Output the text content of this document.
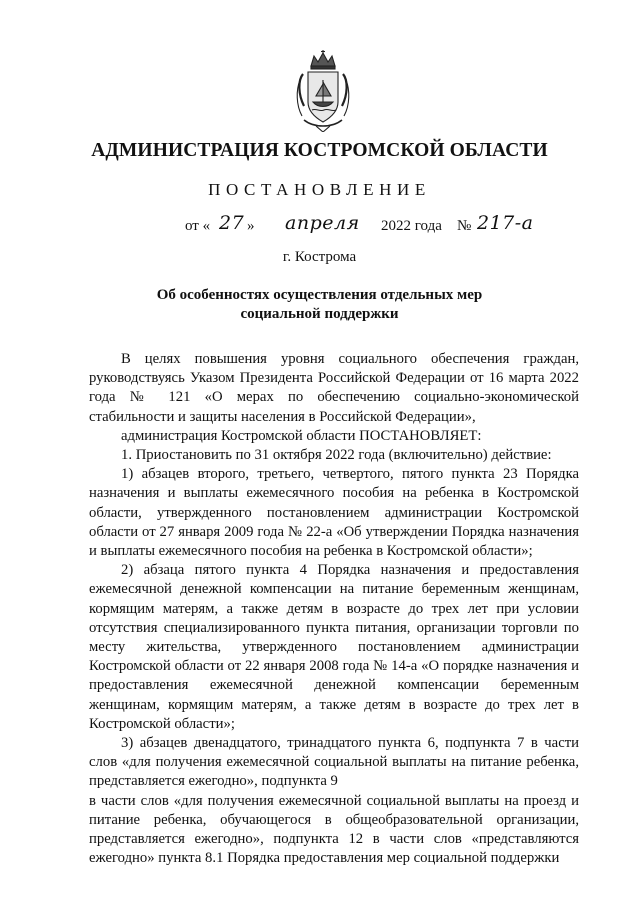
АДМИНИСТРАЦИЯ КОСТРОМСКОЙ ОБЛАСТИ
ПОСТАНОВЛЕНИЕ
от « 27 » апреля 2022 года № 217-а
г. Кострома
Об особенностях осуществления отдельных мер
социальной поддержки

В целях повышения уровня социального обеспечения граждан, руководствуясь Указом Президента Российской Федерации от 16 марта 2022 года № 121 «О мерах по обеспечению социально-экономической стабильности и защиты населения в Российской Федерации»,

администрация Костромской области ПОСТАНОВЛЯЕТ:

1. Приостановить по 31 октября 2022 года (включительно) действие:

1) абзацев второго, третьего, четвертого, пятого пункта 23 Порядка назначения и выплаты ежемесячного пособия на ребенка в Костромской области, утвержденного постановлением администрации Костромской области от 27 января 2009 года № 22-а «Об утверждении Порядка назначения и выплаты ежемесячного пособия на ребенка в Костромской области»;

2) абзаца пятого пункта 4 Порядка назначения и предоставления ежемесячной денежной компенсации на питание беременным женщинам, кормящим матерям, а также детям в возрасте до трех лет при условии отсутствия специализированного пункта питания, организации торговли по месту жительства, утвержденного постановлением администрации Костромской области от 22 января 2008 года № 14-а «О порядке назначения и предоставления ежемесячной денежной компенсации беременным женщинам, кормящим матерям, а также детям в возрасте до трех лет в Костромской области»;

3) абзацев двенадцатого, тринадцатого пункта 6, подпункта 7 в части слов «для получения ежемесячной социальной выплаты на питание ребенка, представляется ежегодно», подпункта 9

в части слов «для получения ежемесячной социальной выплаты на проезд и питание ребенка, обучающегося в общеобразовательной организации, представляется ежегодно», подпункта 12 в части слов «представляются ежегодно» пункта 8.1 Порядка предоставления мер социальной поддержки
